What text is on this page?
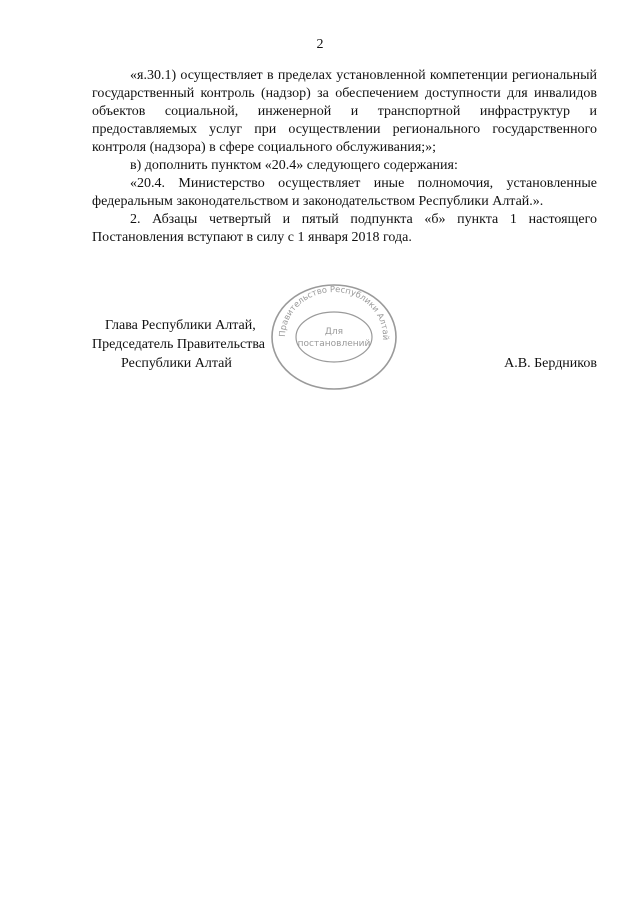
2

«я.30.1) осуществляет в пределах установленной компетенции региональный государственный контроль (надзор) за обеспечением доступности для инвалидов объектов социальной, инженерной и транспортной инфраструктур и предоставляемых услуг при осуществлении регионального государственного контроля (надзора) в сфере социального обслуживания;»;

в) дополнить пунктом «20.4» следующего содержания:

«20.4. Министерство осуществляет иные полномочия, установленные федеральным законодательством и законодательством Республики Алтай.».

2. Абзацы четвертый и пятый подпункта «б» пункта 1 настоящего Постановления вступают в силу с 1 января 2018 года.

Глава Республики Алтай,
Председатель Правительства
Республики Алтай	А.В. Бердников
Правительство Республики Алтай
Для
постановлений
